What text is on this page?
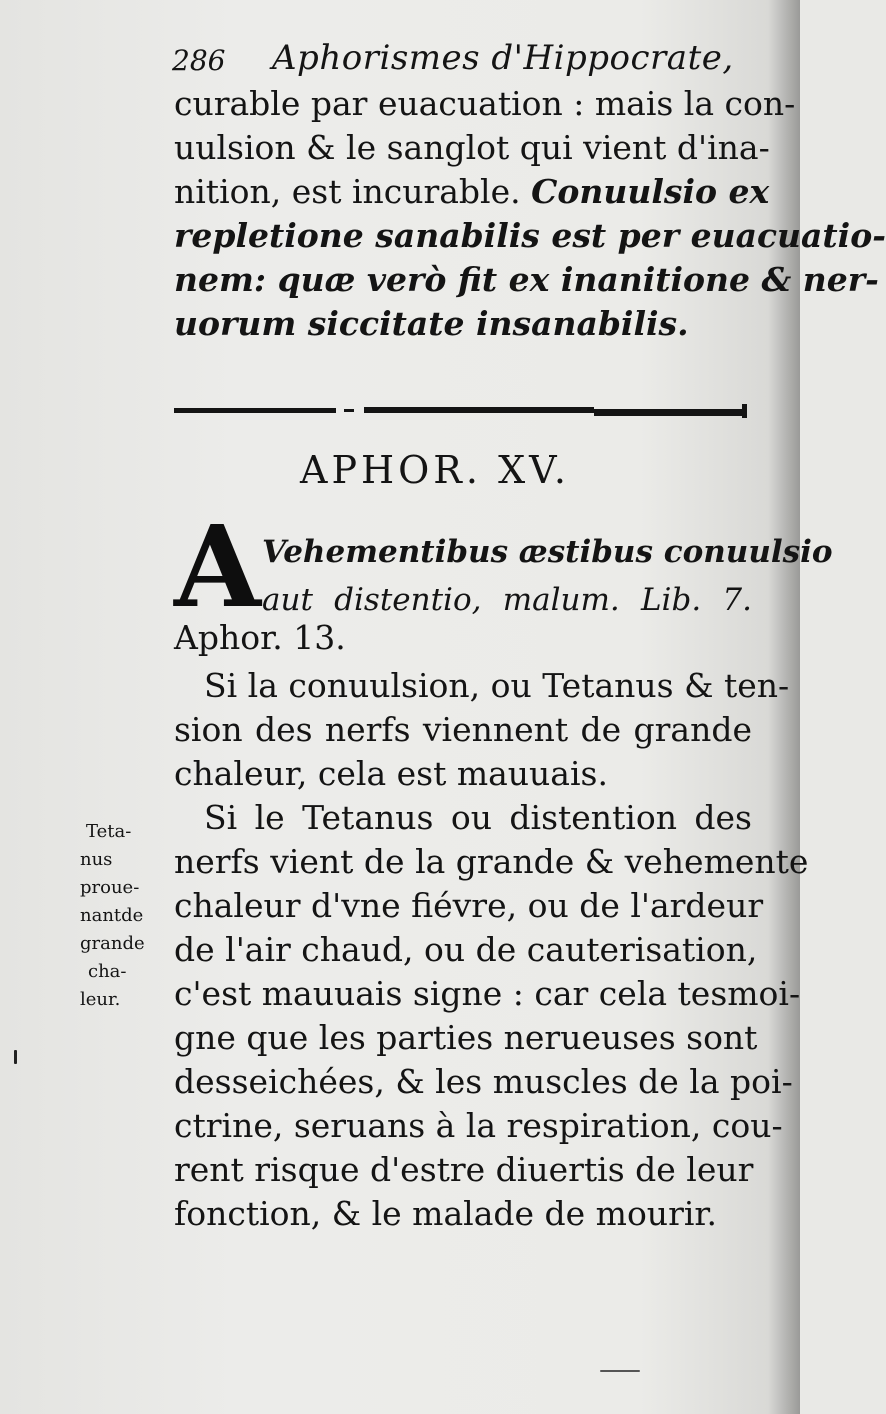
286 Aphorismes d'Hippocrate,
curable par euacuation : mais la con-
uulsion & le sanglot qui vient d'ina-
nition, est incurable. Conuulsio ex
repletione sanabilis est per euacuatio-
nem: quæ verò fit ex inanitione & ner-
uorum siccitate insanabilis.
APHOR. XV.
A Vehementibus æstibus conuulsio
aut distentio, malum. Lib. 7.
Aphor. 13.
Si la conuulsion, ou Tetanus & ten-
sion des nerfs viennent de grande
chaleur, cela est mauuais.
Si le Tetanus ou distention des
nerfs vient de la grande & vehemente
chaleur d'vne fiévre, ou de l'ardeur
de l'air chaud, ou de cauterisation,
c'est mauuais signe : car cela tesmoi-
gne que les parties nerueuses sont
desseichées, & les muscles de la poi-
ctrine, seruans à la respiration, cou-
rent risque d'estre diuertis de leur
fonction, & le malade de mourir.
Teta-
nus
proue-
nantde
grande
cha-
leur.
